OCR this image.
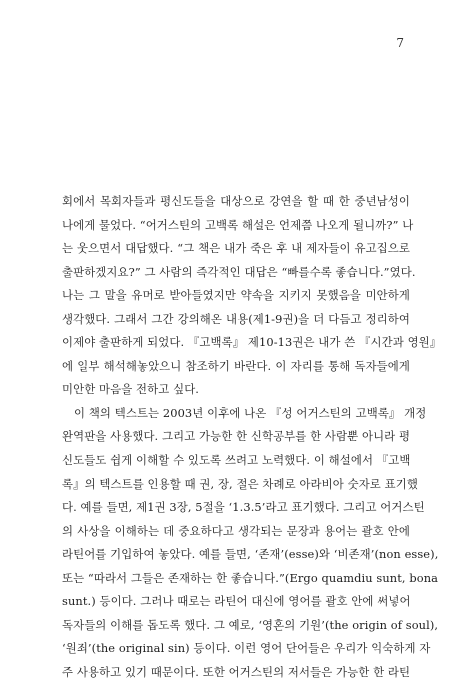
7
회에서 목회자들과 평신도들을 대상으로 강연을 할 때 한 중년남성이
나에게 물었다. “어거스틴의 고백록 해설은 언제쯤 나오게 될니까?” 나
는 웃으면서 대답했다. “그 책은 내가 죽은 후 내 제자들이 유고집으로
출판하겠지요?” 그 사람의 즉각적인 대답은 “빠를수록 좋습니다.”였다.
나는 그 말을 유머로 받아들였지만 약속을 지키지 못했음을 미안하게
생각했다. 그래서 그간 강의해온 내용(제1-9권)을 더 다듬고 정리하여
이제야 출판하게 되었다. 『고백록』 제10-13권은 내가 쓴 『시간과 영원』
에 일부 해석해놓았으니 참조하기 바란다. 이 자리를 통해 독자들에게
미안한 마음을 전하고 싶다.
이 책의 텍스트는 2003년 이후에 나온 『성 어거스틴의 고백록』 개정
완역판을 사용했다. 그리고 가능한 한 신학공부를 한 사람뿐 아니라 평
신도들도 쉽게 이해할 수 있도록 쓰려고 노력했다. 이 해설에서 『고백
록』의 텍스트를 인용할 때 권, 장, 절은 차례로 아라비아 숫자로 표기했
다. 예를 들면, 제1권 3장, 5절을 ‘1.3.5’라고 표기했다. 그리고 어거스틴
의 사상을 이해하는 데 중요하다고 생각되는 문장과 용어는 괄호 안에
라틴어를 기입하여 놓았다. 예를 들면, ‘존재’(esse)와 ‘비존재’(non esse),
또는 “따라서 그들은 존재하는 한 좋습니다.”(Ergo quamdiu sunt, bona
sunt.) 등이다. 그러나 때로는 라틴어 대신에 영어를 괄호 안에 써넣어
독자들의 이해를 돕도록 했다. 그 예로, ‘영혼의 기원’(the origin of soul),
‘원죄’(the original sin) 등이다. 이런 영어 단어들은 우리가 익숙하게 자
주 사용하고 있기 때문이다. 또한 어거스틴의 저서들은 가능한 한 라틴
